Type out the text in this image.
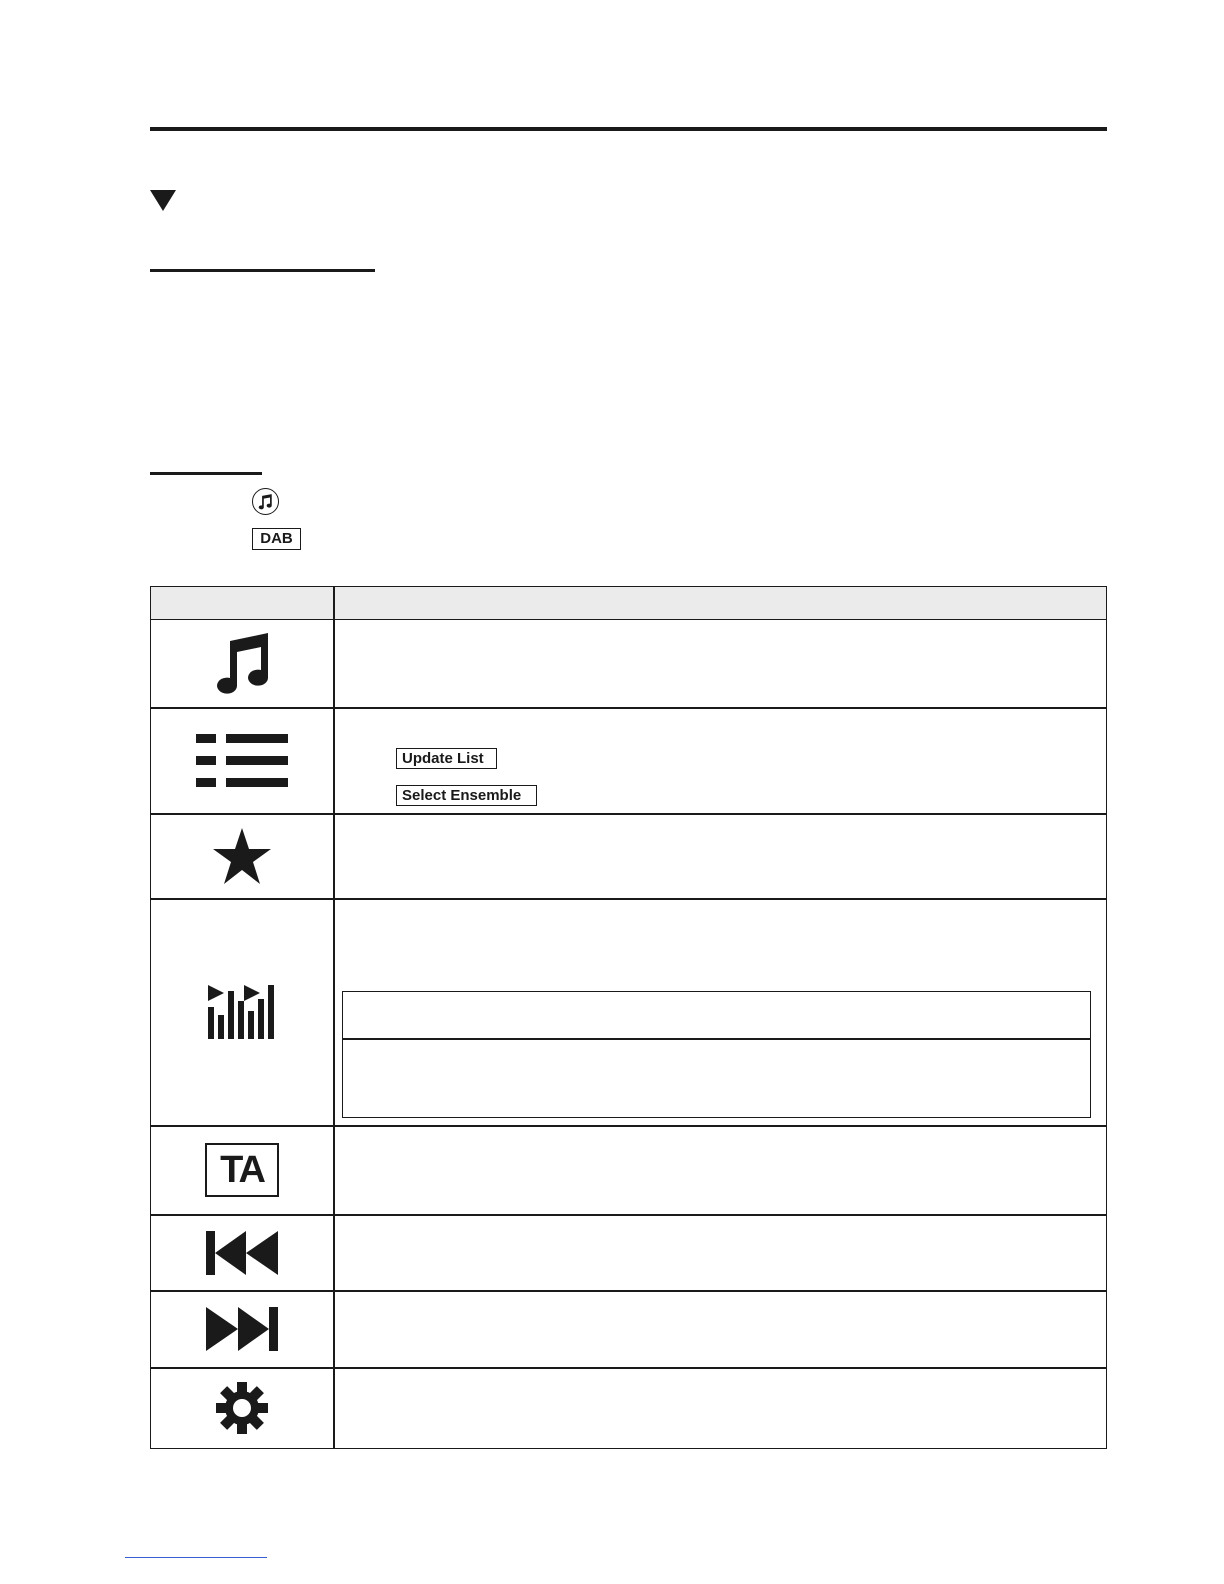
DAB
TA
Update List
Select Ensemble
